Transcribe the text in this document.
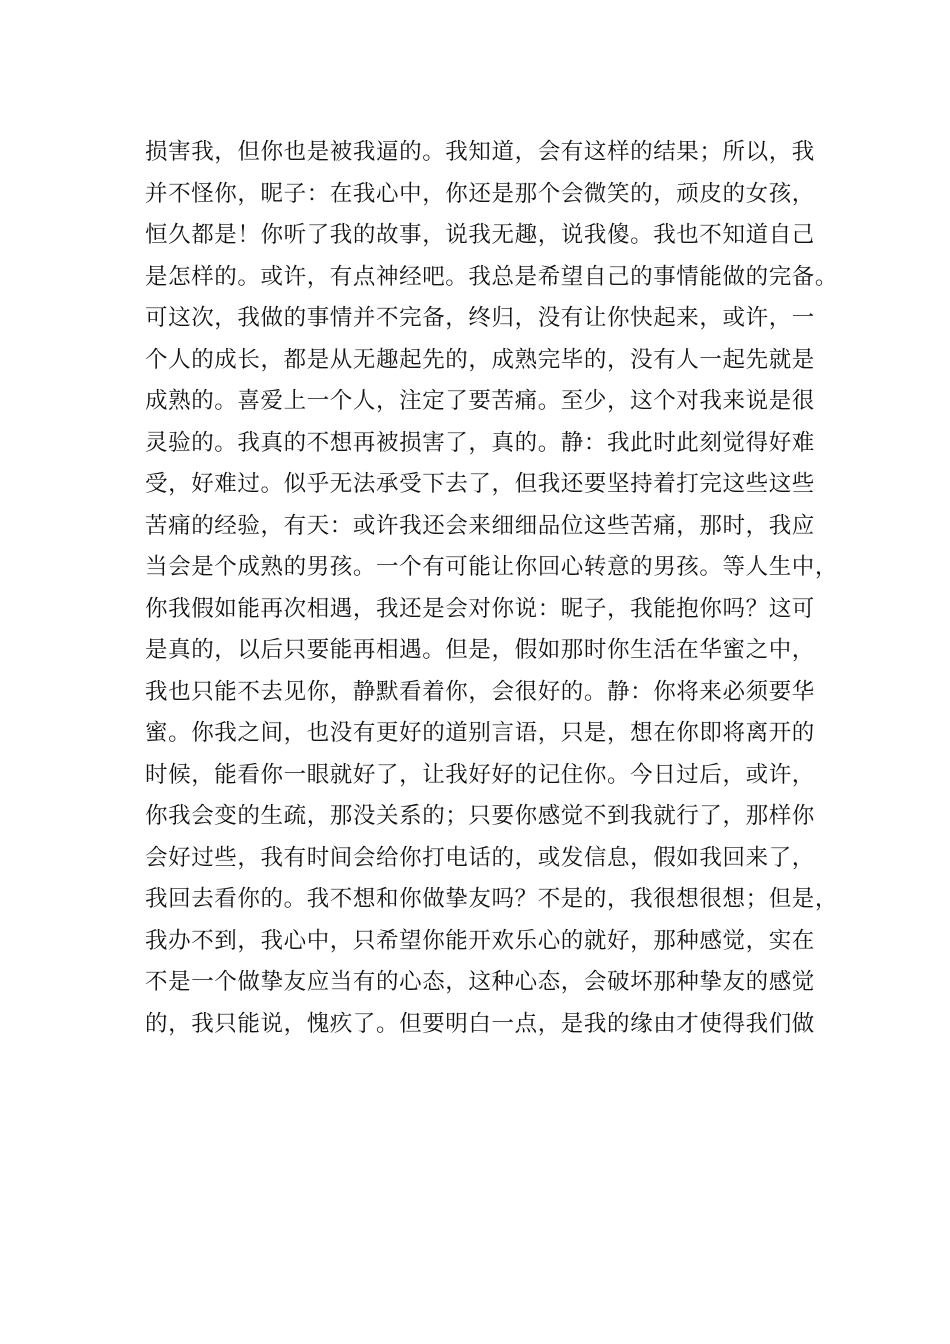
损害我，但你也是被我逼的。我知道，会有这样的结果；所以，我
并不怪你，昵子：在我心中，你还是那个会微笑的，顽皮的女孩，
恒久都是！你听了我的故事，说我无趣，说我傻。我也不知道自己
是怎样的。或许，有点神经吧。我总是希望自己的事情能做的完备。
可这次，我做的事情并不完备，终归，没有让你快起来，或许，一
个人的成长，都是从无趣起先的，成熟完毕的，没有人一起先就是
成熟的。喜爱上一个人，注定了要苦痛。至少，这个对我来说是很
灵验的。我真的不想再被损害了，真的。静：我此时此刻觉得好难
受，好难过。似乎无法承受下去了，但我还要坚持着打完这些这些
苦痛的经验，有天：或许我还会来细细品位这些苦痛，那时，我应
当会是个成熟的男孩。一个有可能让你回心转意的男孩。等人生中，
你我假如能再次相遇，我还是会对你说：昵子，我能抱你吗？这可
是真的，以后只要能再相遇。但是，假如那时你生活在华蜜之中，
我也只能不去见你，静默看着你，会很好的。静：你将来必须要华
蜜。你我之间，也没有更好的道别言语，只是，想在你即将离开的
时候，能看你一眼就好了，让我好好的记住你。今日过后，或许，
你我会变的生疏，那没关系的；只要你感觉不到我就行了，那样你
会好过些，我有时间会给你打电话的，或发信息，假如我回来了，
我回去看你的。我不想和你做挚友吗？不是的，我很想很想；但是，
我办不到，我心中，只希望你能开欢乐心的就好，那种感觉，实在
不是一个做挚友应当有的心态，这种心态，会破坏那种挚友的感觉
的，我只能说，愧疚了。但要明白一点，是我的缘由才使得我们做
